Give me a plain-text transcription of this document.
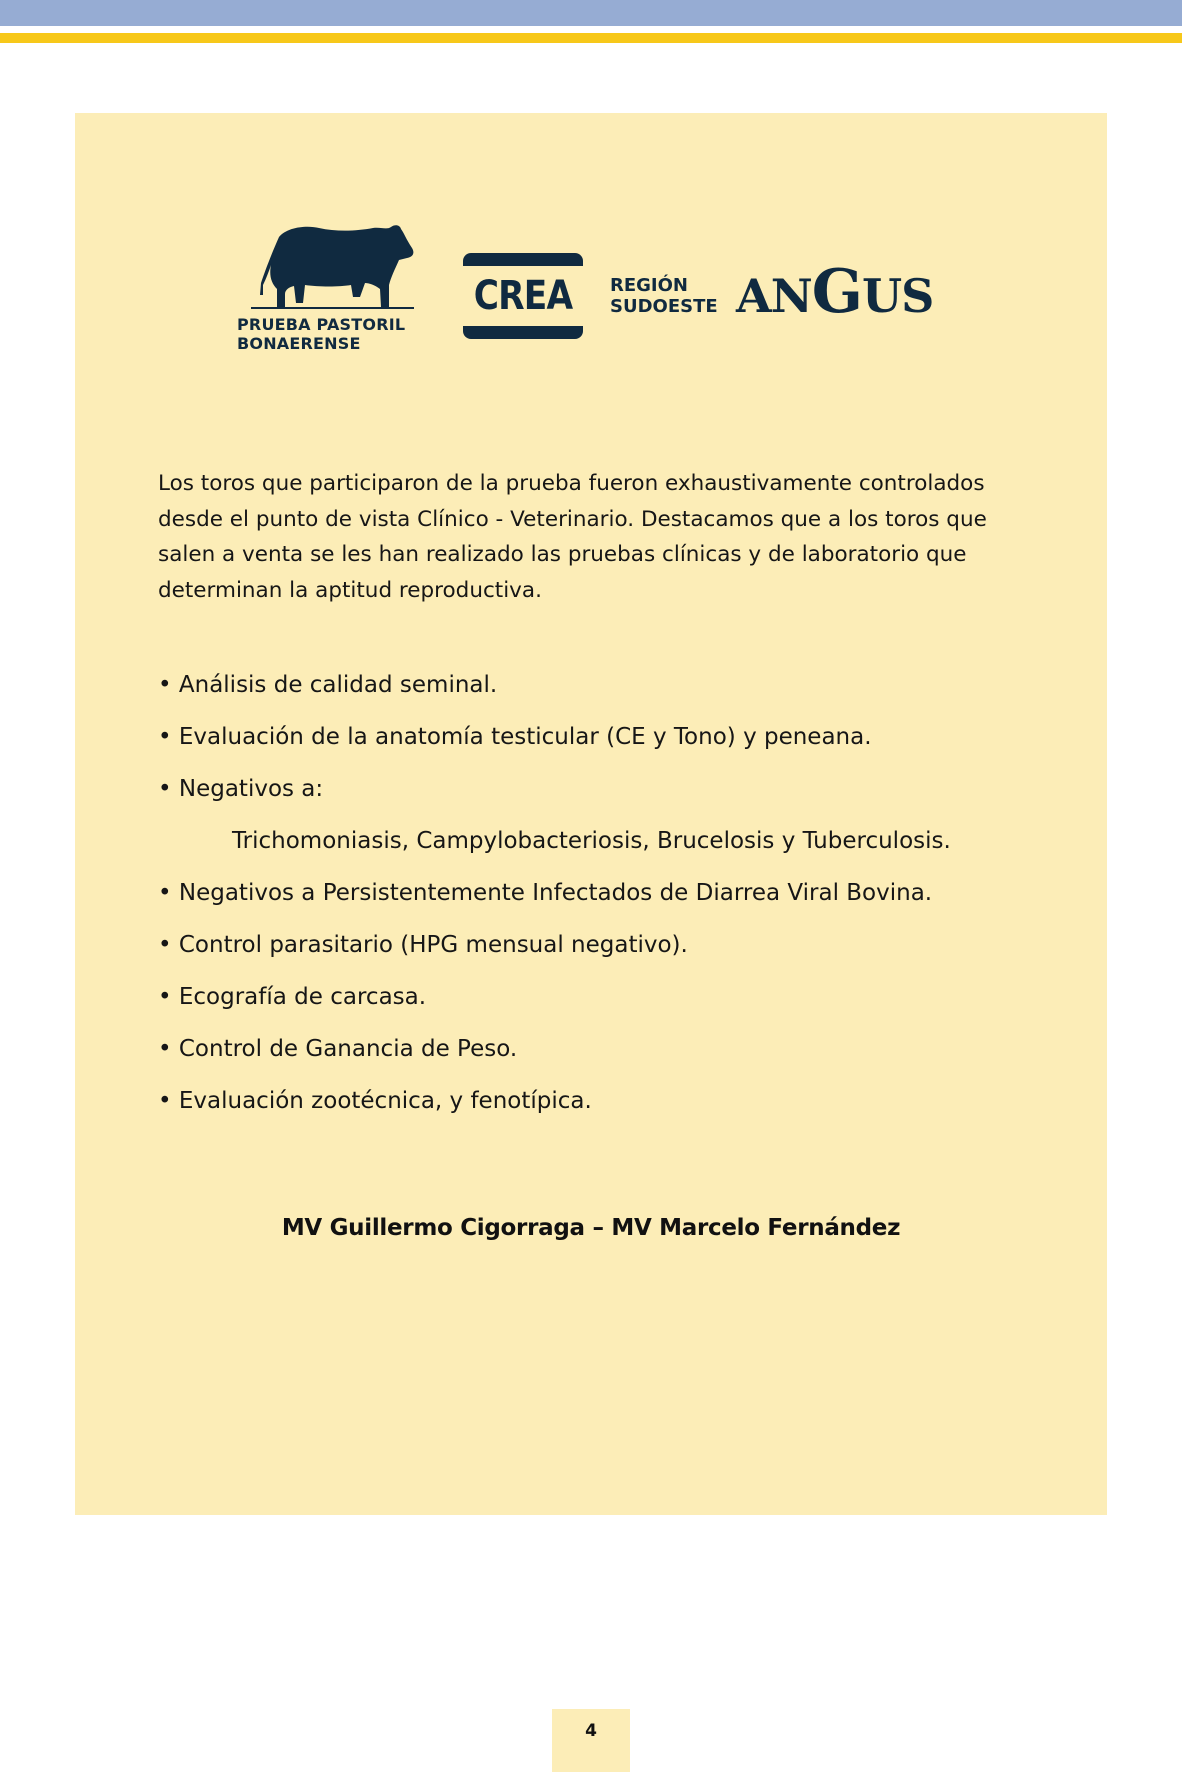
PRUEBA PASTORIL
BONAERENSE
CREA REGIÓN
SUDOESTE ANGUS

Los toros que participaron de la prueba fueron exhaustivamente controlados desde el punto de vista Clínico - Veterinario. Destacamos que a los toros que salen a venta se les han realizado las pruebas clínicas y de laboratorio que determinan la aptitud reproductiva.

• Análisis de calidad seminal.
• Evaluación de la anatomía testicular (CE y Tono) y peneana.
• Negativos a:
Trichomoniasis, Campylobacteriosis, Brucelosis y Tuberculosis.
• Negativos a Persistentemente Infectados de Diarrea Viral Bovina.
• Control parasitario (HPG mensual negativo).
• Ecografía de carcasa.
• Control de Ganancia de Peso.
• Evaluación zootécnica, y fenotípica.
MV Guillermo Cigorraga – MV Marcelo Fernández
4
